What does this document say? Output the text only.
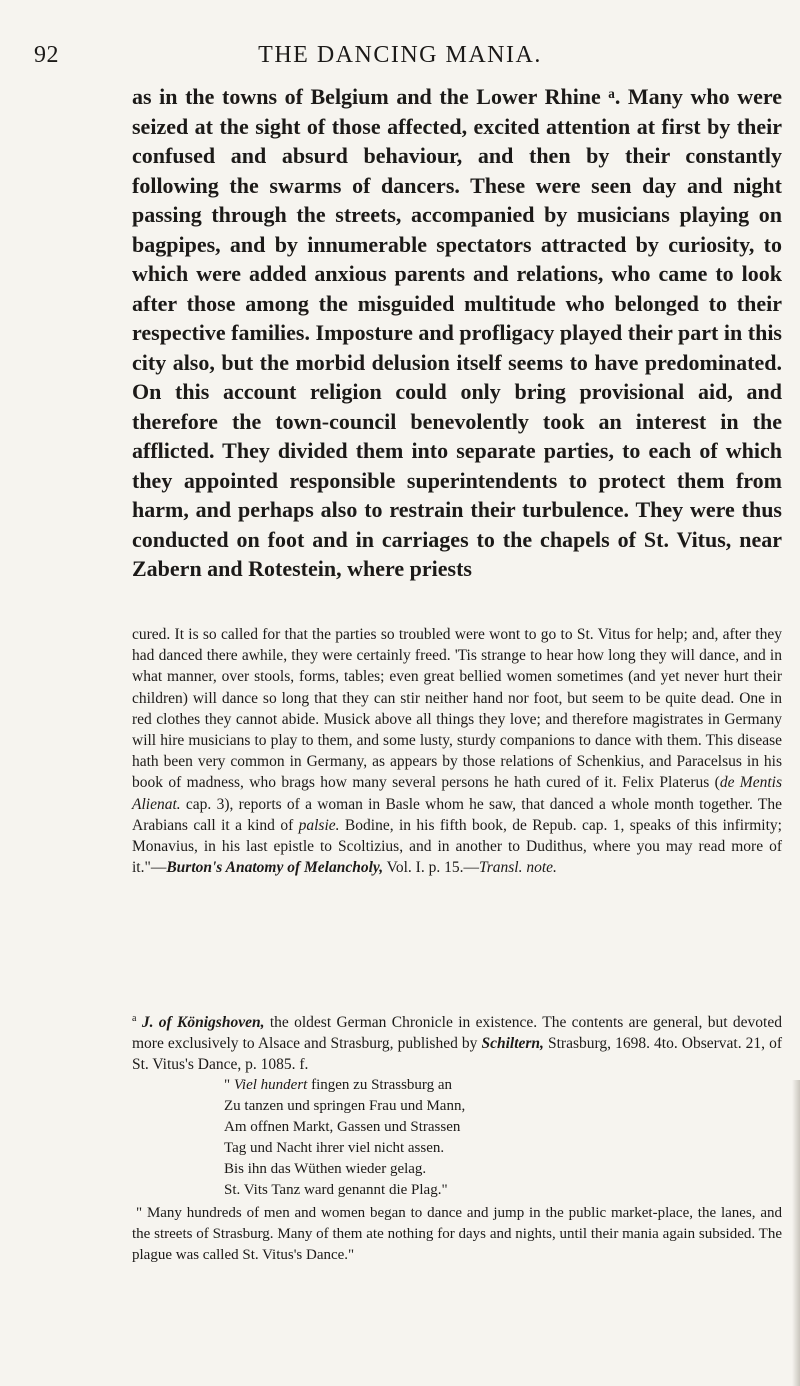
92	THE DANCING MANIA.

as in the towns of Belgium and the Lower Rhine ᵃ. Many who were seized at the sight of those affected, excited attention at first by their confused and absurd behaviour, and then by their constantly following the swarms of dancers. These were seen day and night passing through the streets, accompanied by musicians playing on bagpipes, and by innumerable spectators attracted by curiosity, to which were added anxious parents and relations, who came to look after those among the misguided multitude who belonged to their respective families. Imposture and profligacy played their part in this city also, but the morbid delusion itself seems to have predominated. On this account religion could only bring provisional aid, and therefore the town-council benevolently took an interest in the afflicted. They divided them into separate parties, to each of which they appointed responsible superintendents to protect them from harm, and perhaps also to restrain their turbulence. They were thus conducted on foot and in carriages to the chapels of St. Vitus, near Zabern and Rotestein, where priests

cured. It is so called for that the parties so troubled were wont to go to St. Vitus for help; and, after they had danced there awhile, they were certainly freed. 'Tis strange to hear how long they will dance, and in what manner, over stools, forms, tables; even great bellied women sometimes (and yet never hurt their children) will dance so long that they can stir neither hand nor foot, but seem to be quite dead. One in red clothes they cannot abide. Musick above all things they love; and therefore magistrates in Germany will hire musicians to play to them, and some lusty, sturdy companions to dance with them. This disease hath been very common in Germany, as appears by those relations of Schenkius, and Paracelsus in his book of madness, who brags how many several persons he hath cured of it. Felix Platerus (de Mentis Alienat. cap. 3), reports of a woman in Basle whom he saw, that danced a whole month together. The Arabians call it a kind of palsie. Bodine, in his fifth book, de Repub. cap. 1, speaks of this infirmity; Monavius, in his last epistle to Scoltizius, and in another to Dudithus, where you may read more of it."—Burton's Anatomy of Melancholy, Vol. I. p. 15.—Transl. note.

$^a$ J. of Königshoven, the oldest German Chronicle in existence. The contents are general, but devoted more exclusively to Alsace and Strasburg, published by Schiltern, Strasburg, 1698. 4to. Observat. 21, of St. Vitus's Dance, p. 1085. f.

" Viel hundert fingen zu Strassburg an
Zu tanzen und springen Frau und Mann,
Am offnen Markt, Gassen und Strassen
Tag und Nacht ihrer viel nicht assen.
Bis ihn das Wüthen wieder gelag.
St. Vits Tanz ward genannt die Plag."

" Many hundreds of men and women began to dance and jump in the public market-place, the lanes, and the streets of Strasburg. Many of them ate nothing for days and nights, until their mania again subsided. The plague was called St. Vitus's Dance."
